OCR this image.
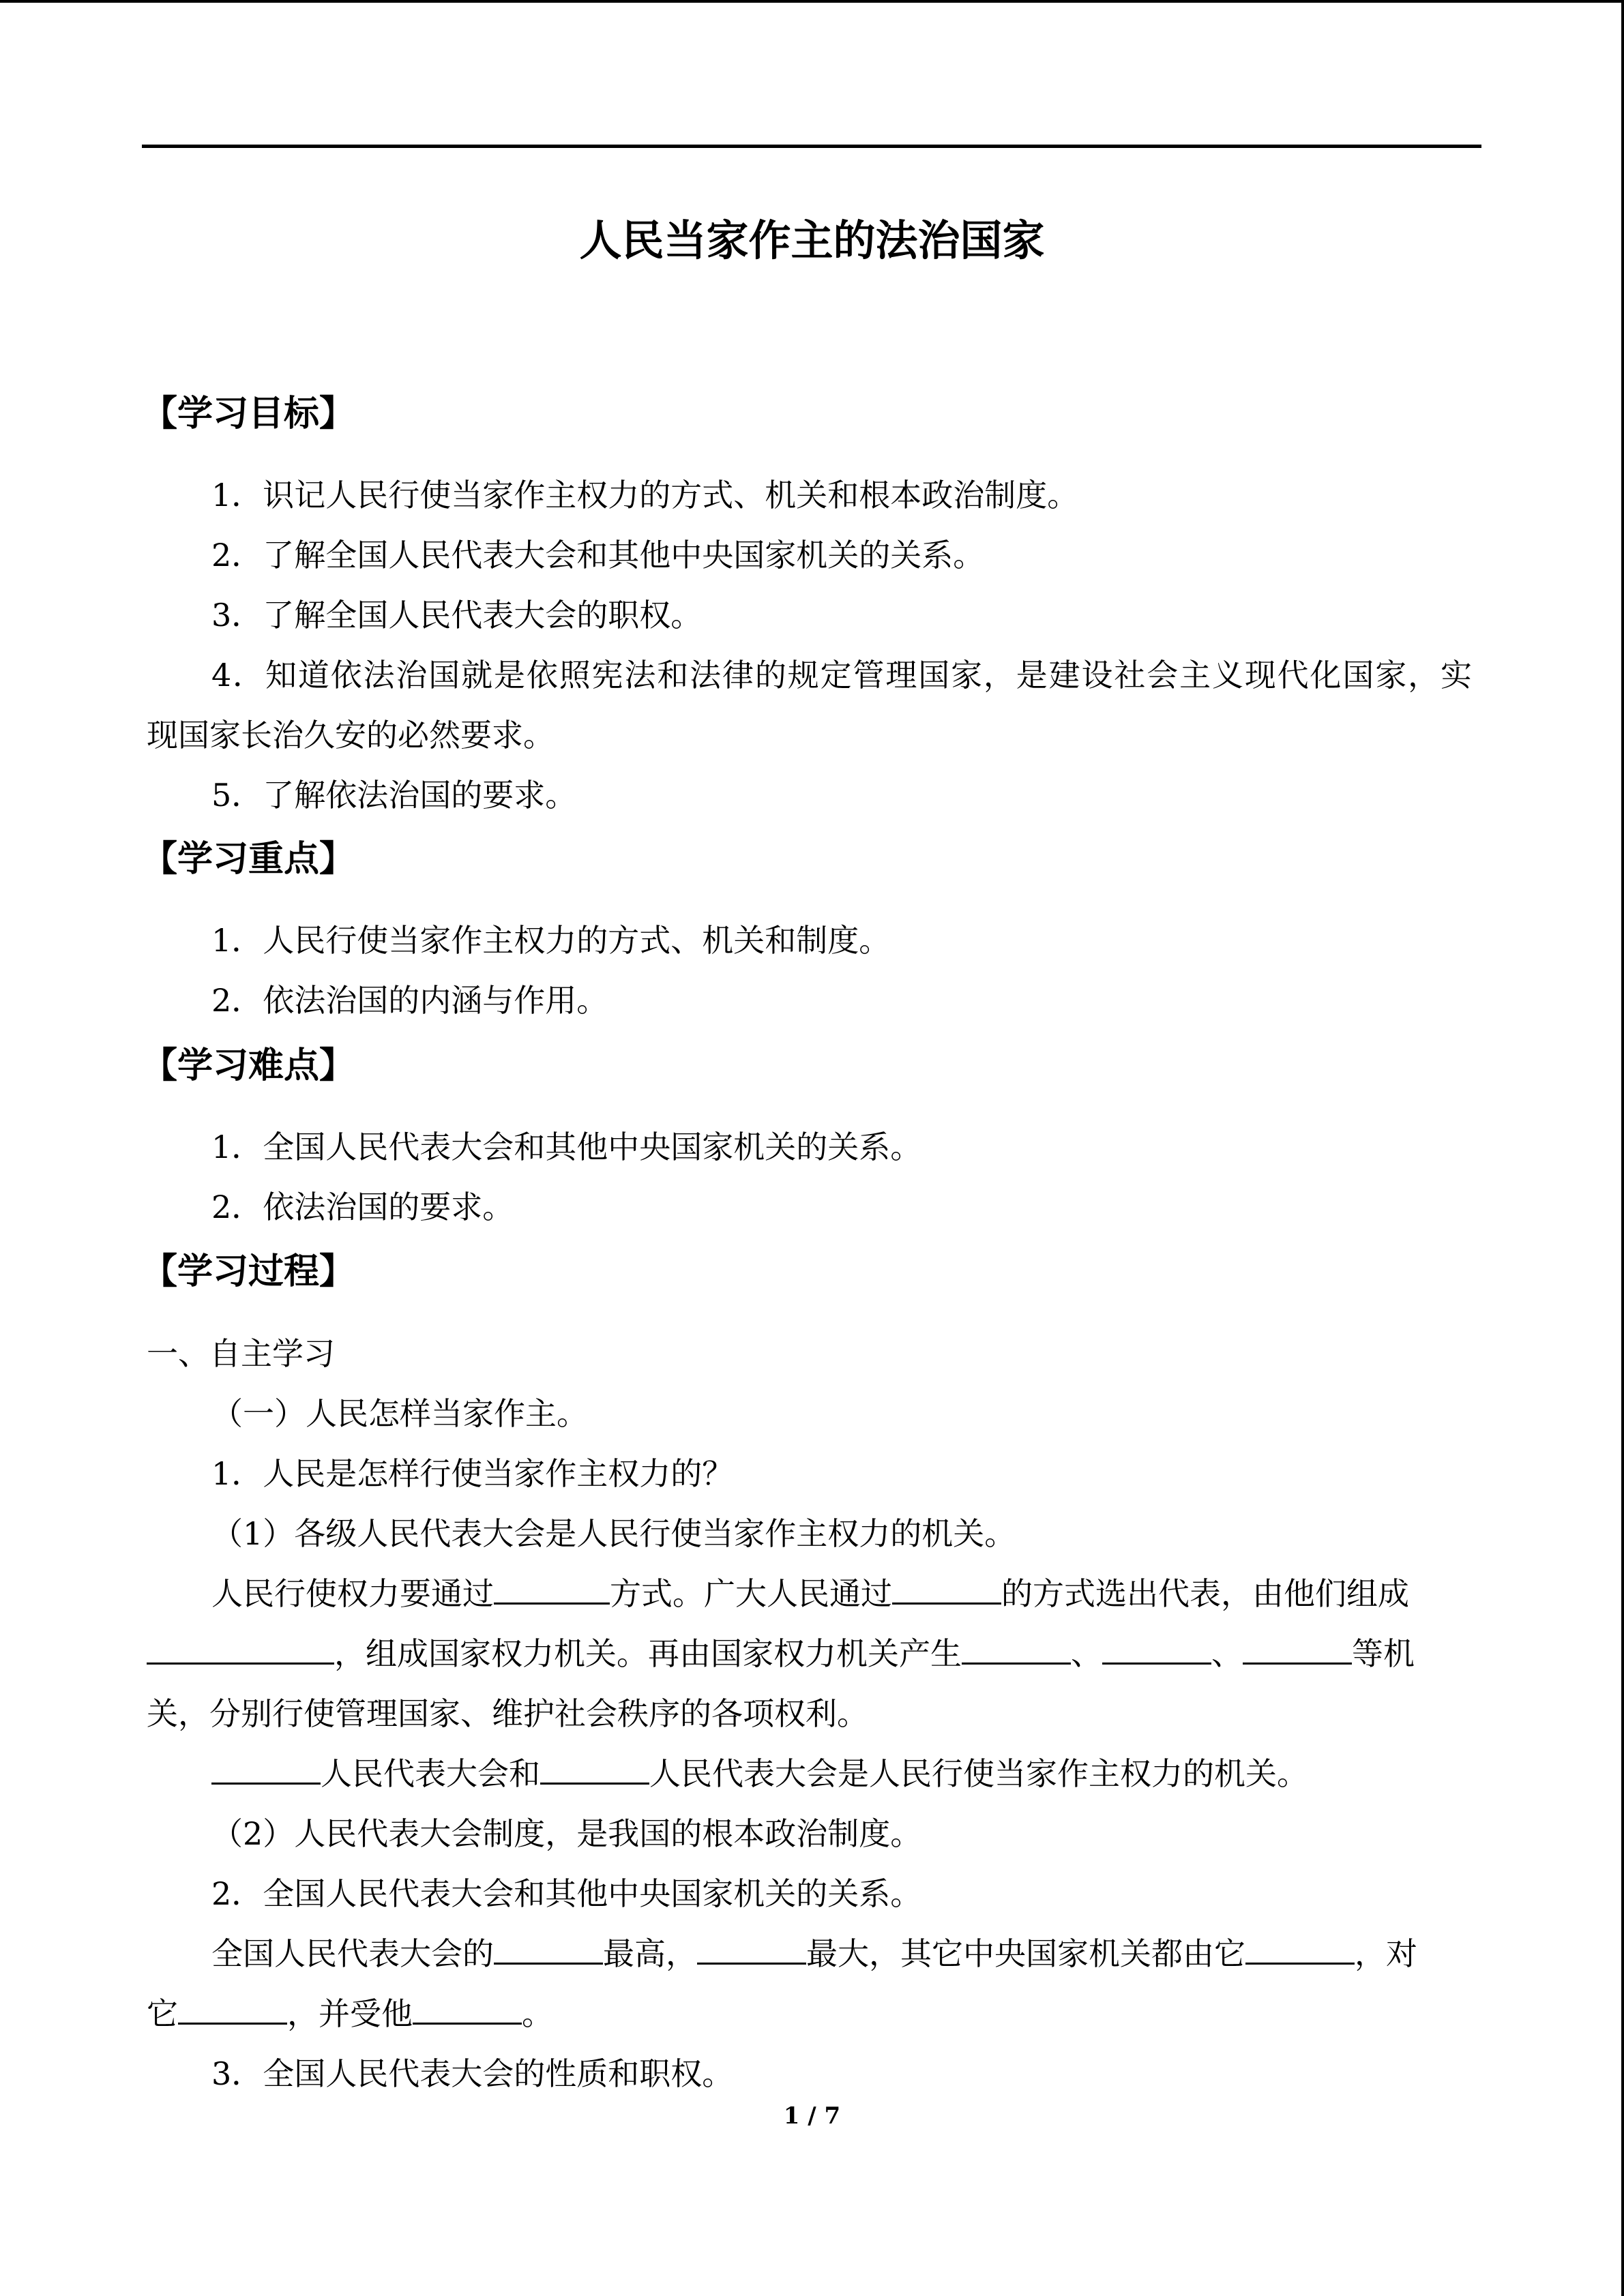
人民当家作主的法治国家
【学习目标】

1．识记人民行使当家作主权力的方式、机关和根本政治制度。

2．了解全国人民代表大会和其他中央国家机关的关系。

3．了解全国人民代表大会的职权。

4．知道依法治国就是依照宪法和法律的规定管理国家，是建设社会主义现代化国家，实

现国家长治久安的必然要求。

5．了解依法治国的要求。

【学习重点】

1．人民行使当家作主权力的方式、机关和制度。

2．依法治国的内涵与作用。

【学习难点】

1．全国人民代表大会和其他中央国家机关的关系。

2．依法治国的要求。

【学习过程】

一、自主学习

（一）人民怎样当家作主。

1．人民是怎样行使当家作主权力的？

（1）各级人民代表大会是人民行使当家作主权力的机关。

人民行使权力要通过	方式。广大人民通过	的方式选出代表，由他们组成

，组成国家权力机关。再由国家权力机关产生	、	、	等机

关，分别行使管理国家、维护社会秩序的各项权利。

人民代表大会和	人民代表大会是人民行使当家作主权力的机关。

（2）人民代表大会制度，是我国的根本政治制度。

2．全国人民代表大会和其他中央国家机关的关系。

全国人民代表大会的	最高，	最大，其它中央国家机关都由它	，对

它	，并受他	。

3．全国人民代表大会的性质和职权。

1 / 7
